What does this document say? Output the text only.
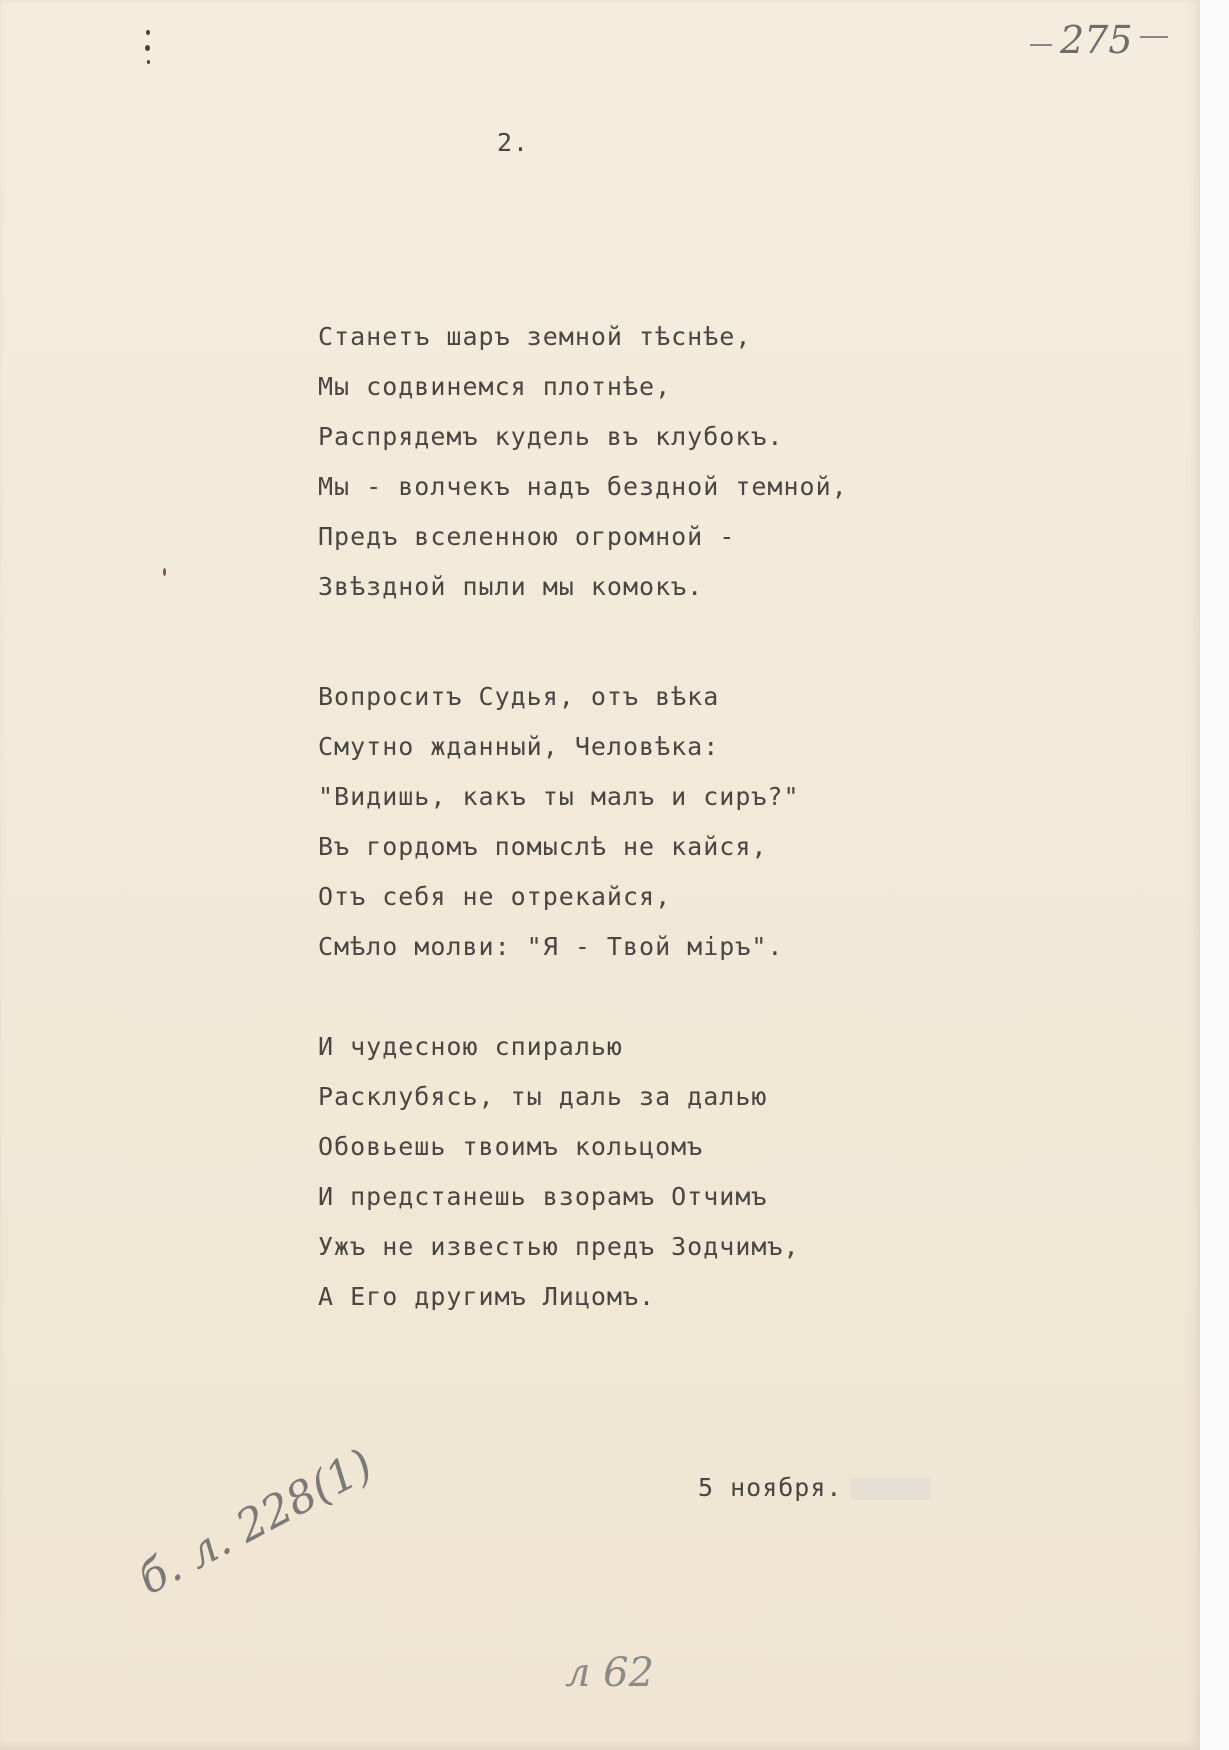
275
2.
Станетъ шаръ земной тѣснѣе,
Мы содвинемся плотнѣе,
Распрядемъ кудель въ клубокъ.
Мы - волчекъ надъ бездной темной,
Предъ вселенною огромной -
Звѣздной пыли мы комокъ.
Вопроситъ Судья, отъ вѣка
Смутно жданный, Человѣка:
"Видишь, какъ ты малъ и сиръ?"
Въ гордомъ помыслѣ не кайся,
Отъ себя не отрекайся,
Смѣло молви: "Я - Твой міръ".
И чудесною спиралью
Расклубясь, ты даль за далью
Обовьешь твоимъ кольцомъ
И предстанешь взорамъ Отчимъ
Ужъ не известью предъ Зодчимъ,
А Его другимъ Лицомъ.
5 ноября.
б. л. 228(1)
л 62
